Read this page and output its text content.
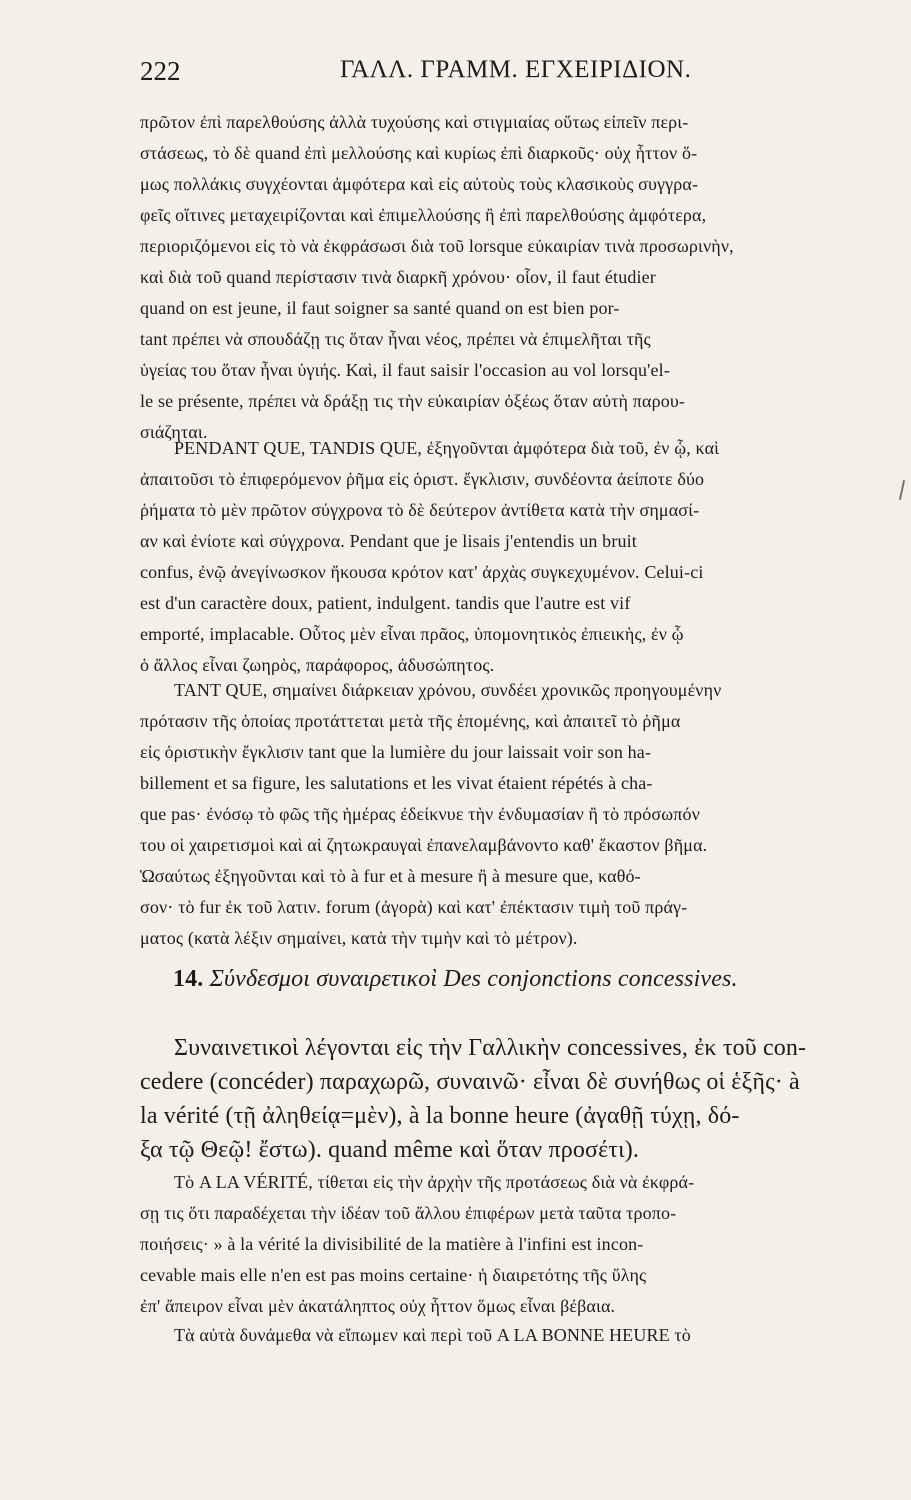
222	ΓΑΛΛ. ΓΡΑΜΜ. ΕΓΧΕΙΡΙΔΙΟΝ.
πρῶτον ἐπὶ παρελθούσης ἀλλὰ τυχούσης καὶ στιγμιαίας οὕτως εἰπεῖν περι-
στάσεως, τὸ δὲ quand ἐπὶ μελλούσης καὶ κυρίως ἐπὶ διαρκοῦς· οὐχ ἧττον ὅ-
μως πολλάκις συγχέονται ἀμφότερα καὶ εἰς αὐτοὺς τοὺς κλασικοὺς συγγρα-
φεῖς οἵτινες μεταχειρίζονται καὶ ἐπιμελλούσης ἢ ἐπὶ παρελθούσης ἀμφότερα,
περιοριζόμενοι εἰς τὸ νὰ ἐκφράσωσι διὰ τοῦ lorsque εὐκαιρίαν τινὰ προσωρινὴν,
καὶ διὰ τοῦ quand περίστασιν τινὰ διαρκῆ χρόνου· οἷον, il faut étudier
quand on est jeune, il faut soigner sa santé quand on est bien por-
tant πρέπει νὰ σπουδάζῃ τις ὅταν ἦναι νέος, πρέπει νὰ ἐπιμελῆται τῆς
ὑγείας του ὅταν ἦναι ὑγιής. Καὶ, il faut saisir l'occasion au vol lorsqu'el-
le se présente, πρέπει νὰ δράξῃ τις τὴν εὐκαιρίαν ὀξέως ὅταν αὐτὴ παρου-
σιάζηται.
PENDANT QUE, TANDIS QUE, ἐξηγοῦνται ἀμφότερα διὰ τοῦ, ἐν ᾧ, καὶ
ἀπαιτοῦσι τὸ ἐπιφερόμενον ῥῆμα εἰς ὁριστ. ἔγκλισιν, συνδέοντα ἀείποτε δύο
ῥήματα τὸ μὲν πρῶτον σύγχρονα τὸ δὲ δεύτερον ἀντίθετα κατὰ τὴν σημασί-
αν καὶ ἐνίοτε καὶ σύγχρονα. Pendant que je lisais j'entendis un bruit
confus, ἐνῷ ἀνεγίνωσκον ἤκουσα κρότον κατ' ἀρχὰς συγκεχυμένον. Celui-ci
est d'un caractère doux, patient, indulgent. tandis que l'autre est vif
emporté, implacable. Οὗτος μὲν εἶναι πρᾶος, ὑπομονητικὸς ἐπιεικὴς, ἐν ᾧ
ὁ ἄλλος εἶναι ζωηρὸς, παράφορος, ἀδυσώπητος.
TANT QUE, σημαίνει διάρκειαν χρόνου, συνδέει χρονικῶς προηγουμένην
πρότασιν τῆς ὁποίας προτάττεται μετὰ τῆς ἑπομένης, καὶ ἀπαιτεῖ τὸ ῥῆμα
εἰς ὁριστικὴν ἔγκλισιν tant que la lumière du jour laissait voir son ha-
billement et sa figure, les salutations et les vivat étaient répétés à cha-
que pas· ἐνόσῳ τὸ φῶς τῆς ἡμέρας ἐδείκνυε τὴν ἐνδυμασίαν ἢ τὸ πρόσωπόν
του οἱ χαιρετισμοὶ καὶ αἱ ζητωκραυγαὶ ἐπανελαμβάνοντο καθ' ἕκαστον βῆμα.
Ὡσαύτως ἐξηγοῦνται καὶ τὸ à fur et à mesure ἢ à mesure que, καθό-
σον· τὸ fur ἐκ τοῦ λατιν. forum (ἀγορὰ) καὶ κατ' ἐπέκτασιν τιμὴ τοῦ πράγ-
ματος (κατὰ λέξιν σημαίνει, κατὰ τὴν τιμὴν καὶ τὸ μέτρον).
14. Σύνδεσμοι συναιρετικοὶ Des conjonctions concessives.
Συναινετικοὶ λέγονται εἰς τὴν Γαλλικὴν concessives, ἐκ τοῦ con-
cedere (concéder) παραχωρῶ, συναινῶ· εἶναι δὲ συνήθως οἱ ἑξῆς· à
la vérité (τῇ ἀληθείᾳ=μὲν), à la bonne heure (ἀγαθῇ τύχῃ, δό-
ξα τῷ Θεῷ! ἔστω). quand même καὶ ὅταν προσέτι).
Τὸ A LA VÉRITÉ, τίθεται εἰς τὴν ἀρχὴν τῆς προτάσεως διὰ νὰ ἐκφρά-
σῃ τις ὅτι παραδέχεται τὴν ἰδέαν τοῦ ἄλλου ἐπιφέρων μετὰ ταῦτα τροπο-
ποιήσεις· » à la vérité la divisibilité de la matière à l'infini est incon-
cevable mais elle n'en est pas moins certaine· ἡ διαιρετότης τῆς ὕλης
ἐπ' ἄπειρον εἶναι μὲν ἀκατάληπτος οὐχ ἧττον ὅμως εἶναι βέβαια.
Τὰ αὐτὰ δυνάμεθα νὰ εἴπωμεν καὶ περὶ τοῦ A LA BONNE HEURE τὸ
